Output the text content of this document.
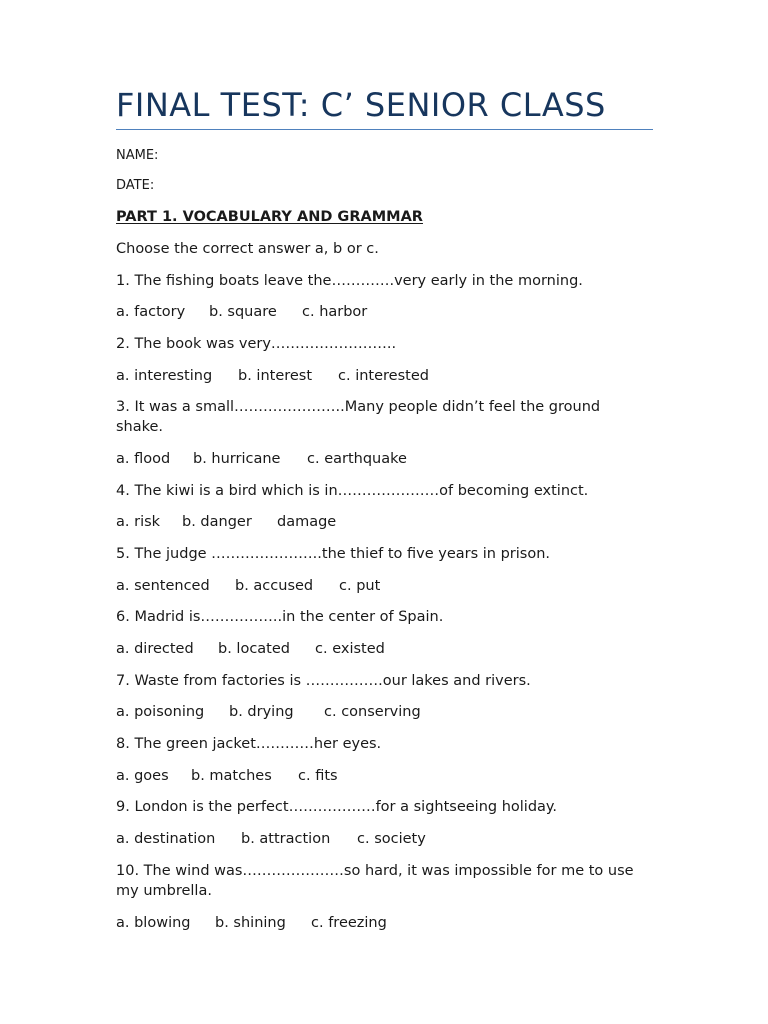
FINAL TEST: C’ SENIOR CLASS

NAME:

DATE:

PART 1. VOCABULARY AND GRAMMAR

Choose the correct answer a, b or c.

1. The fishing boats leave the………….very early in the morning.

a. factory	b. square	c. harbor

2. The book was very……………………..

a. interesting	b. interest	c. interested

3. It was a small…………………..Many people didn’t feel the ground shake.

a. flood	b. hurricane	c. earthquake

4. The kiwi is a bird which is in…………………of becoming extinct.

a. risk	b. danger	damage

5. The judge …………………..the thief to five years in prison.

a. sentenced	b. accused	c. put

6. Madrid is……………..in the center of Spain.

a. directed	b. located	c. existed

7. Waste from factories is …………….our lakes and rivers.

a. poisoning	b. drying	c. conserving

8. The green jacket…………her eyes.

a. goes	b. matches	c. fits

9. London is the perfect………………for a sightseeing holiday.

a. destination	b. attraction	c. society

10. The wind was…………………so hard, it was impossible for me to use my umbrella.

a. blowing	b. shining	c. freezing
